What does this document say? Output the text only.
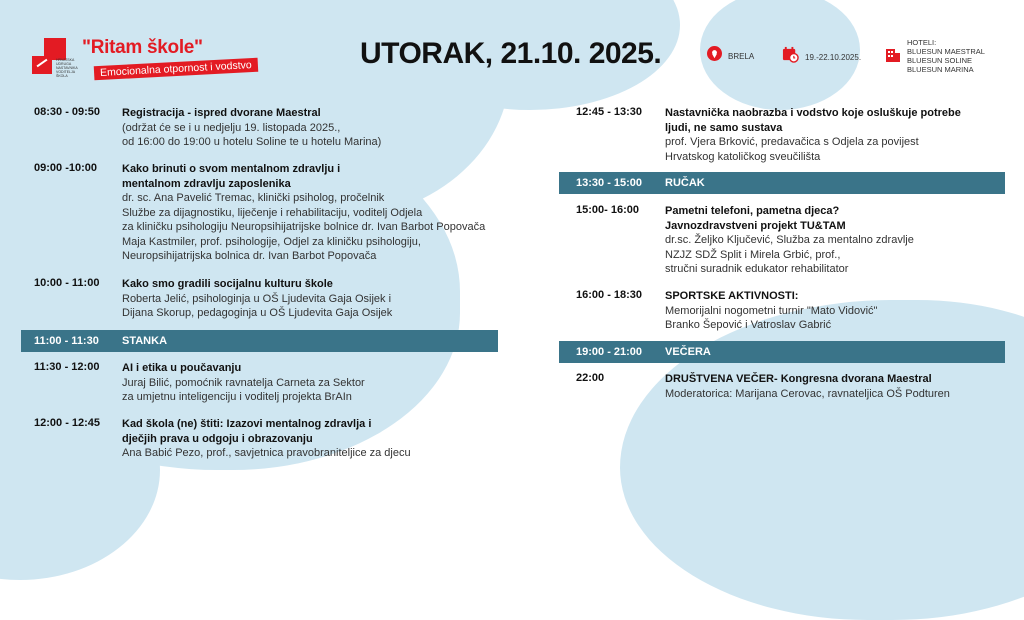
HRVATSKA UDRUGA NASTAVNIKA VODITELJA ŠKOLA
"Ritam škole"
Emocionalna otpornost i vodstvo	UTORAK, 21.10. 2025.	BRELA	19.-22.10.2025.
HOTELI:
BLUESUN MAESTRAL
BLUESUN SOLINE
BLUESUN MARINA
08:30 - 09:50 Registracija - ispred dvorane Maestral
(održat će se i u nedjelju 19. listopada 2025.,
od 16:00 do 19:00 u hotelu Soline te u hotelu Marina)
09:00 -10:00 Kako brinuti o svom mentalnom zdravlju i mentalnom zdravlju zaposlenika
dr. sc. Ana Pavelić Tremac, klinički psiholog, pročelnik
Službe za dijagnostiku, liječenje i rehabilitaciju, voditelj Odjela
za kliničku psihologiju Neuropsihijatrijske bolnice dr. Ivan Barbot Popovača
Maja Kastmiler, prof. psihologije, Odjel za kliničku psihologiju,
Neuropsihijatrijska bolnica dr. Ivan Barbot Popovača
10:00 - 11:00 Kako smo gradili socijalnu kulturu škole
Roberta Jelić, psihologinja u OŠ Ljudevita Gaja Osijek i
Dijana Skorup, pedagoginja u OŠ Ljudevita Gaja Osijek
11:00 - 11:30	STANKA
11:30 - 12:00 AI i etika u poučavanju
Juraj Bilić, pomoćnik ravnatelja Carneta za Sektor
za umjetnu inteligenciju i voditelj projekta BrAIn
12:00 - 12:45 Kad škola (ne) štiti: Izazovi mentalnog zdravlja i dječjih prava u odgoju i obrazovanju
Ana Babić Pezo, prof., savjetnica pravobraniteljice za djecu
12:45 - 13:30 Nastavnička naobrazba i vodstvo koje osluškuje potrebe ljudi, ne samo sustava
prof. Vjera Brković, predavačica s Odjela za povijest
Hrvatskog katoličkog sveučilišta
13:30 - 15:00	RUČAK
15:00- 16:00 Pametni telefoni, pametna djeca? Javnozdravstveni projekt TU&TAM
dr.sc. Željko Ključević, Služba za mentalno zdravlje
NZJZ SDŽ Split i Mirela Grbić, prof.,
stručni suradnik edukator rehabilitator
16:00 - 18:30 SPORTSKE AKTIVNOSTI:
Memorijalni nogometni turnir "Mato Vidović"
Branko Šepović i Vatroslav Gabrić
19:00 - 21:00	VEČERA
22:00	DRUŠTVENA VEČER- Kongresna dvorana Maestral
Moderatorica: Marijana Cerovac, ravnateljica OŠ Podturen
